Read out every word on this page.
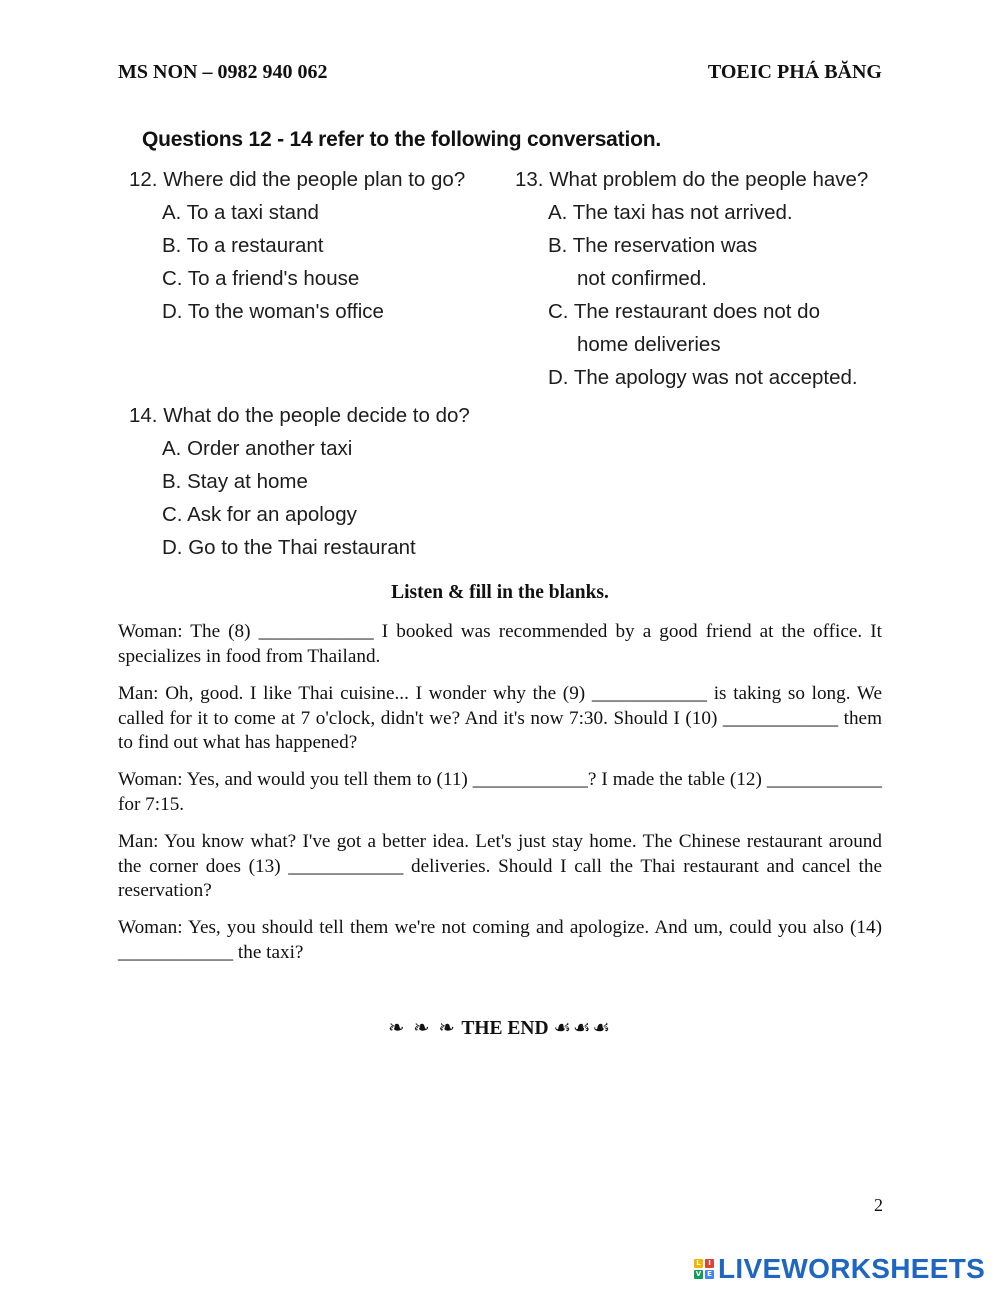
MS NON – 0982 940 062	TOEIC PHÁ BĂNG
Questions 12 - 14 refer to the following conversation.
12. Where did the people plan to go?
A. To a taxi stand
B. To a restaurant
C. To a friend's house
D. To the woman's office
13. What problem do the people have?
A. The taxi has not arrived.
B. The reservation was
not confirmed.
C. The restaurant does not do
home deliveries
D. The apology was not accepted.
14. What do the people decide to do?
A. Order another taxi
B. Stay at home
C. Ask for an apology
D. Go to the Thai restaurant
Listen & fill in the blanks.
Woman: The (8) ____________ I booked was recommended by a good friend at the office. It specializes in food from Thailand.
Man: Oh, good. I like Thai cuisine... I wonder why the (9) ____________ is taking so long. We called for it to come at 7 o'clock, didn't we? And it's now 7:30. Should I (10) ____________ them to find out what has happened?
Woman: Yes, and would you tell them to (11) ____________? I made the table (12) ____________ for 7:15.
Man: You know what? I've got a better idea. Let's just stay home. The Chinese restaurant around the corner does (13) ____________ deliveries. Should I call the Thai restaurant and cancel the reservation?
Woman: Yes, you should tell them we're not coming and apologize. And um, could you also (14) ____________ the taxi?
❧ ❧ ❧ THE END ☙☙☙
2
L	I
V E LIVEWORKSHEETS
